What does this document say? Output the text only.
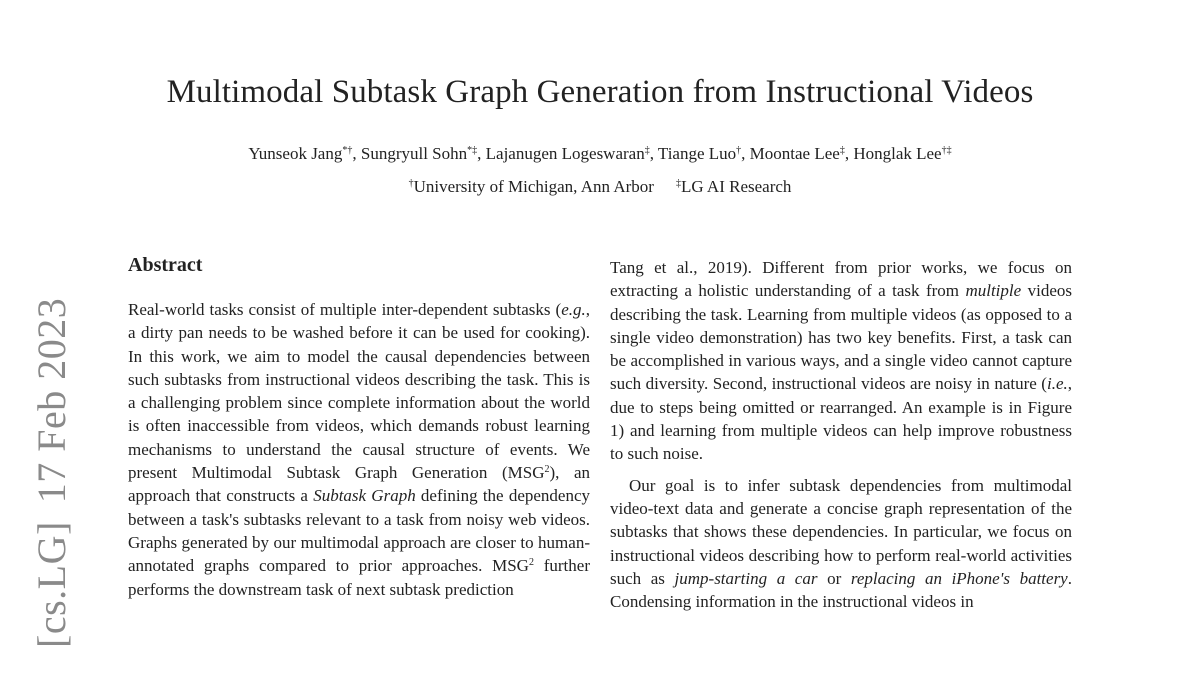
[cs.LG]17 Feb 2023
Multimodal Subtask Graph Generation from Instructional Videos
Yunseok Jang*†, Sungryull Sohn*‡, Lajanugen Logeswaran‡, Tiange Luo†, Moontae Lee‡, Honglak Lee†‡
†University of Michigan, Ann Arbor ‡LG AI Research
Abstract

Real-world tasks consist of multiple inter-dependent subtasks (e.g., a dirty pan needs to be washed before it can be used for cooking). In this work, we aim to model the causal dependencies between such subtasks from instructional videos describing the task. This is a challenging problem since complete information about the world is often inaccessible from videos, which demands robust learning mechanisms to understand the causal structure of events. We present Multimodal Subtask Graph Generation (MSG$^2$), an approach that constructs a Subtask Graph defining the dependency between a task's subtasks relevant to a task from noisy web videos. Graphs generated by our multimodal approach are closer to human-annotated graphs compared to prior approaches. MSG$^2$ further performs the downstream task of next subtask prediction

Tang et al., 2019). Different from prior works, we focus on extracting a holistic understanding of a task from multiple videos describing the task. Learning from multiple videos (as opposed to a single video demonstration) has two key benefits. First, a task can be accomplished in various ways, and a single video cannot capture such diversity. Second, instructional videos are noisy in nature (i.e., due to steps being omitted or rearranged. An example is in Figure 1) and learning from multiple videos can help improve robustness to such noise.

Our goal is to infer subtask dependencies from multimodal video-text data and generate a concise graph representation of the subtasks that shows these dependencies. In particular, we focus on instructional videos describing how to perform real-world activities such as jump-starting a car or replacing an iPhone's battery. Condensing information in the instructional videos in
